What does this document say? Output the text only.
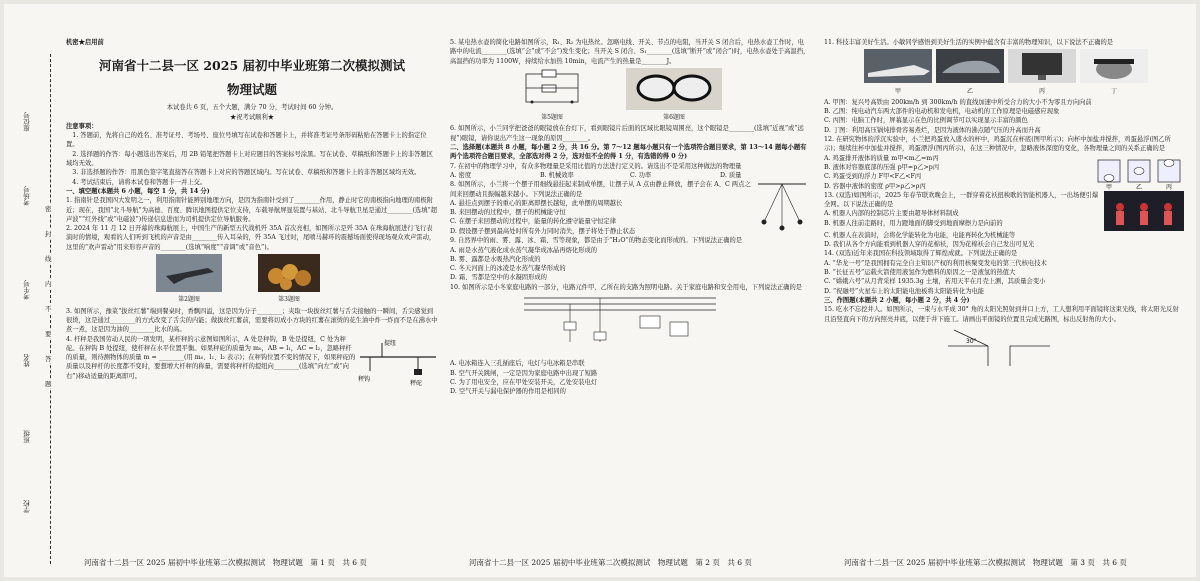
座位号
考场号
考生号
姓名
班级
学校
密
封
线
内
不
要
答
题

机密★启用前

河南省十二县一区 2025 届初中毕业班第二次模拟测试

物理试题

本试卷共 6 页，五个大题，满分 70 分，考试时间 60 分钟。

★祝考试顺利★

注意事项：

1. 答题前，先将自己的姓名、准考证号、考场号、座位号填写在试卷和答题卡上，并将准考证号条形码粘贴在答题卡上的指定位置。

2. 选择题的作答：每小题选出答案后，用 2B 铅笔把答题卡上对应题目的答案标号涂黑。写在试卷、草稿纸和答题卡上的非答题区域均无效。

3. 非选择题的作答：用黑色签字笔直接答在答题卡上对应的答题区域内。写在试卷、草稿纸和答题卡上的非答题区域均无效。

4. 考试结束后，请将本试卷和答题卡一并上交。

一、填空题(本题共 6 小题，每空 1 分，共 14 分)

1. 指南针是我国四大发明之一，利用指南针能辨别地理方向，是因为指南针受到了________作用，静止时它的南极指向地理的南极附近；现在，我国“北斗导航”为高德、百度、腾讯地图提供定位支持，车载导航屏显装置与基站、北斗导航卫星是通过________(选填“超声波”“红外线”或“电磁波”)传递信息进而为司机提供定位导航服务。

2. 2024 年 11 月 12 日开幕的珠海航展上，中国生产的新型五代战机歼 35A 首次亮相，如图所示是歼 35A 在珠海航展进行飞行表演时的情境，观看的人们听到飞机的声音是由________传入耳朵的，歼 35A 飞过时，尾喷马赫环的震撼场面使得现场观众欢声雷动，这里的“欢声雷动”用来形容声音的________(选填“响度”“音调”或“音色”)。

第2题图	第3题图

3. 如图所示，豫菜“拔丝红薯”端到餐桌时，香飘四溢，这是因为分子________；夹取一块拔丝红薯与舌尖接触的一瞬间，舌尖感觉到很烫，这是通过________的方式改变了舌尖的内能；做拔丝红薯前，需要将切成小方块的红薯在滚烫的花生油中炸一炸而不是在沸水中煮一煮，这是因为油的________比水的高。

4. 杆秤是我国劳动人民的一项发明，某杆秤的示意图如图所示，A 处是秤钩，B 处是提纽，C 处为秤砣。在秤钩 B 处提纽，使杆秤在水平位置平衡。如果秤砣的质量为 m₀，AB = l₁，AC = l₂，忽略秤杆的质量，则待测物体的质量 m = ________(用 m₀、l₁、l₂ 表示)；在秤钩位置不变的情况下，如果秤砣的质量以及秤杆的长度都不变时，要想增大杆秤的称量，需要将秤杆的提纽向________(选填“向左”或“向右”)移动适量的距离即可。	秤钩
提纽
秤砣

5. 某电热水壶的简化电路如图所示，R₁、R₂ 为电热丝。忽略电线、开关、节点的电阻，当开关 S 闭合后，电热水壶工作时，电路中的电流________(选填“会”或“不会”)发生变化；当开关 S 闭合、S₁________(选填“断开”或“闭合”)时，电热水壶处于高温挡，高温挡的功率为 1100W，持续给水加热 10min，电流产生的热量是________J。

第5题图	第6题图

6. 如图所示，小兰同学把爸爸的眼镜放在台灯下，看到眼镜片后面的区域比眼镜周围亮，这个眼镜是________(选填“近视”或“远视”)眼镜，请你说出产生这一现象的原因________。

二、选择题(本题共 8 小题，每小题 2 分，共 16 分。第 7～12 题每小题只有一个选项符合题目要求，第 13～14 题每小题有两个选项符合题目要求，全部选对得 2 分，选对但不全的得 1 分，有选错的得 0 分)

7. 在初中的物理学习中，有众多物理量是采用比值的方法进行定义的。请选出不是采用这种做法的物理量

A. 密度	B. 机械效率	C. 功率	D. 质量

8. 如图所示，小兰将一个摆子用细线悬挂起来制成单摆，让摆子从 A 点由静止释放，摆子会在 A、C 两点之间来回摆动且振幅越来越小。下列说法正确的是

A. 悬挂点到摆子的重心的距离即摆长越短，此单摆的周期越长

B. 来回摆动的过程中，摆子的机械能守恒

C. 在摆子来回摆动的过程中，能量的转化遵守能量守恒定律

D. 假设摆子摆到最高处时所有外力同时消失，摆子将处于静止状态

9. 自然界中的雨、雾、露、冰、霜、雪等现象，都是由于“H₂O”的物态变化而形成的。下列说法正确的是

A. 雨是水蒸气液化成水蒸气凝华成冰晶再熔化形成的

B. 雾、露都是水吸热汽化形成的

C. 冬天河面上的冰凌是水蒸气凝华形成的

D. 霜、雪都是空中的水凝固形成的

10. 如图所示是小冬家庭电路的一部分，电路元件甲、乙所在的支路为照明电路。关于家庭电路和安全用电，下列说法正确的是

A. 电冰箱连入三孔插座后，电灯与电冰箱是串联

B. 空气开关跳闸，一定是因为家庭电路中出现了短路

C. 为了用电安全，应在甲处安装开关，乙处安装电灯

D. 空气开关与漏电保护器的作用是相同的

11. 科技丰富美好生活。小敏同学感悟到美好生活的实例中蕴含有丰富的物理知识，以下说法不正确的是

甲	乙	丙	丁

A. 甲图：复兴号高铁由 200km/h 到 300km/h 的直线加速中所受合力的大小不为零且方向向前

B. 乙图：纯电动汽车两大部件的电动机和发电机，电动机的工作原理是电磁感应现象

C. 丙图：电脑工作时，屏幕显示在色的比例调节可以实现显示丰富的颜色

D. 丁图：利用高压锅炖排骨容易煮烂，是因为液体的沸点随气压的升高而升高

12. 在研究物体的浮沉实验中，小兰把鸡蛋放入盛水的杯中，鸡蛋沉在杯底(图甲所示)；向杯中加盐并搅拌，鸡蛋悬浮(图乙所示)；继续往杯中加盐并搅拌，鸡蛋漂浮(图丙所示)，在这三种情况中，忽略液体深度的变化，各物理量之间的关系正确的是

A. 鸡蛋排开液体的质量 m甲<m乙=m丙

B. 液体对容器底部的压强 p甲=p乙>p丙

C. 鸡蛋受到的浮力 F甲<F乙<F丙

D. 容器中液体的密度 ρ甲>ρ乙>ρ丙	甲	乙	丙

13. (双选)如图所示，2025 年春节联欢晚会上，一群穿着花袄扭秧歌的智能机器人，一出场便引爆全网。以下说法正确的是

A. 机器人内部的控制芯片主要由超导体材料制成

B. 机器人往前走路时，用力蹬地面的脚受到地面摩擦力是向前的

C. 机器人在表演时，会将化学能转化为电能，电能再转化为机械能等

D. 我们从各个方向能看到机器人穿的花棉袄，因为花棉袄会自己发出可见光

14. (双选)近年来我国在科技领域取得了辉煌成就。下列说法正确的是

A. “华龙一号”是我国拥有完全自主知识产权的利用核聚变发电的第三代核电技术

B. “长征五号”运载火箭使用液氢作为燃料的原因之一是液氢的热值大

C. “嫦娥六号”从月背采样 1935.3g 土壤，若用天平在月壳上测，其质量会变小

D. “祝融号”火星车上的太阳能电池板将太阳能转化为电能

三、作图题(本题共 2 小题，每小题 2 分，共 4 分)

15. 吃水不忘挖井人。如图所示，一束与水平成 30° 角的太阳光照射到井口上方，工人想利用平面镜将这束光线，将太阳光反射且沿竖直向下的方向照亮井底，以便于井下施工。请画出平面镜的位置且完成光路图，标出反射角的大小。

30°
河南省十二县一区 2025 届初中毕业班第二次模拟测试　物理试题　第 1 页　共 6 页	河南省十二县一区 2025 届初中毕业班第二次模拟测试　物理试题　第 2 页　共 6 页	河南省十二县一区 2025 届初中毕业班第二次模拟测试　物理试题　第 3 页　共 6 页
